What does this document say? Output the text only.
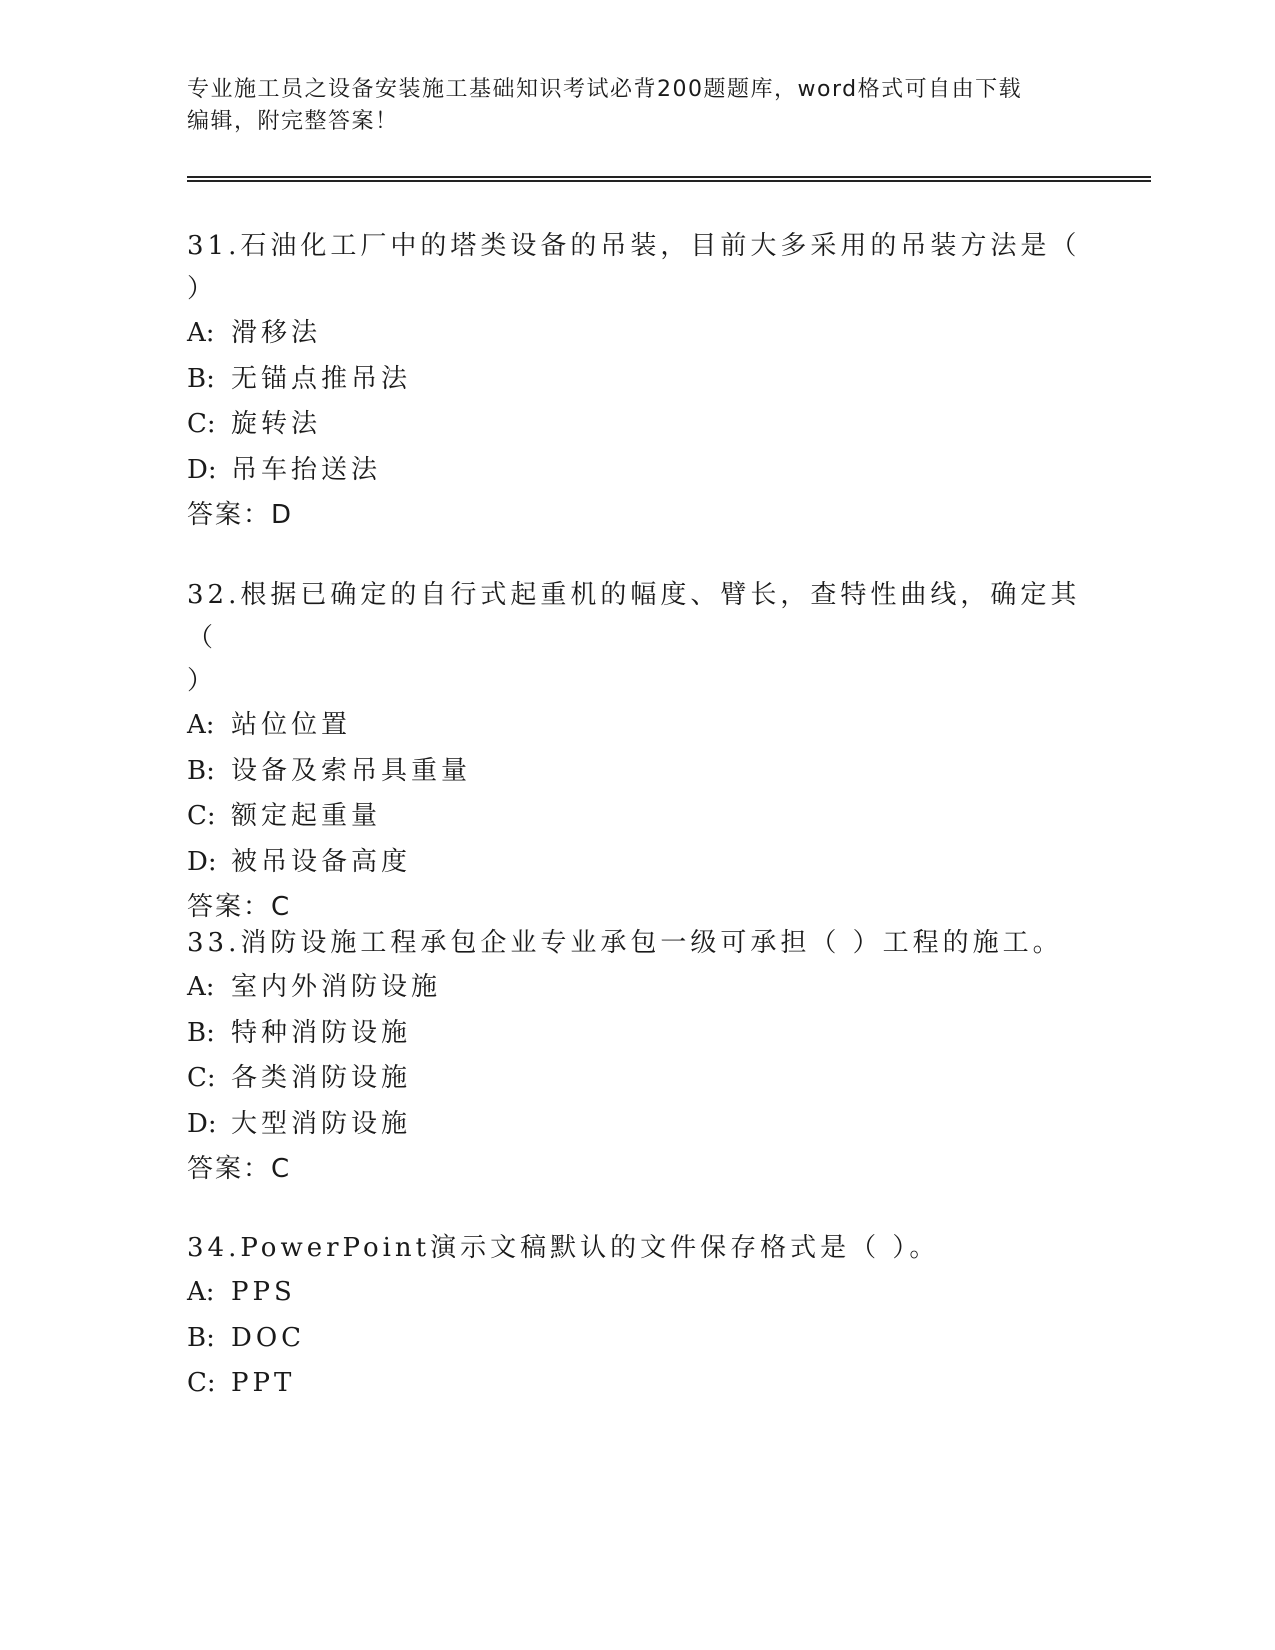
专业施工员之设备安装施工基础知识考试必背200题题库，word格式可自由下载
编辑，附完整答案！

31.石油化工厂中的塔类设备的吊装，目前大多采用的吊装方法是（
）

A: 滑移法

B: 无锚点推吊法

C: 旋转法

D: 吊车抬送法

答案：D

32.根据已确定的自行式起重机的幅度、臂长，查特性曲线，确定其（
）

A: 站位位置

B: 设备及索吊具重量

C: 额定起重量

D: 被吊设备高度

答案：C

33.消防设施工程承包企业专业承包一级可承担（ ）工程的施工。

A: 室内外消防设施

B: 特种消防设施

C: 各类消防设施

D: 大型消防设施

答案：C

34.PowerPoint演示文稿默认的文件保存格式是（ ）。

A: PPS

B: DOC

C: PPT
